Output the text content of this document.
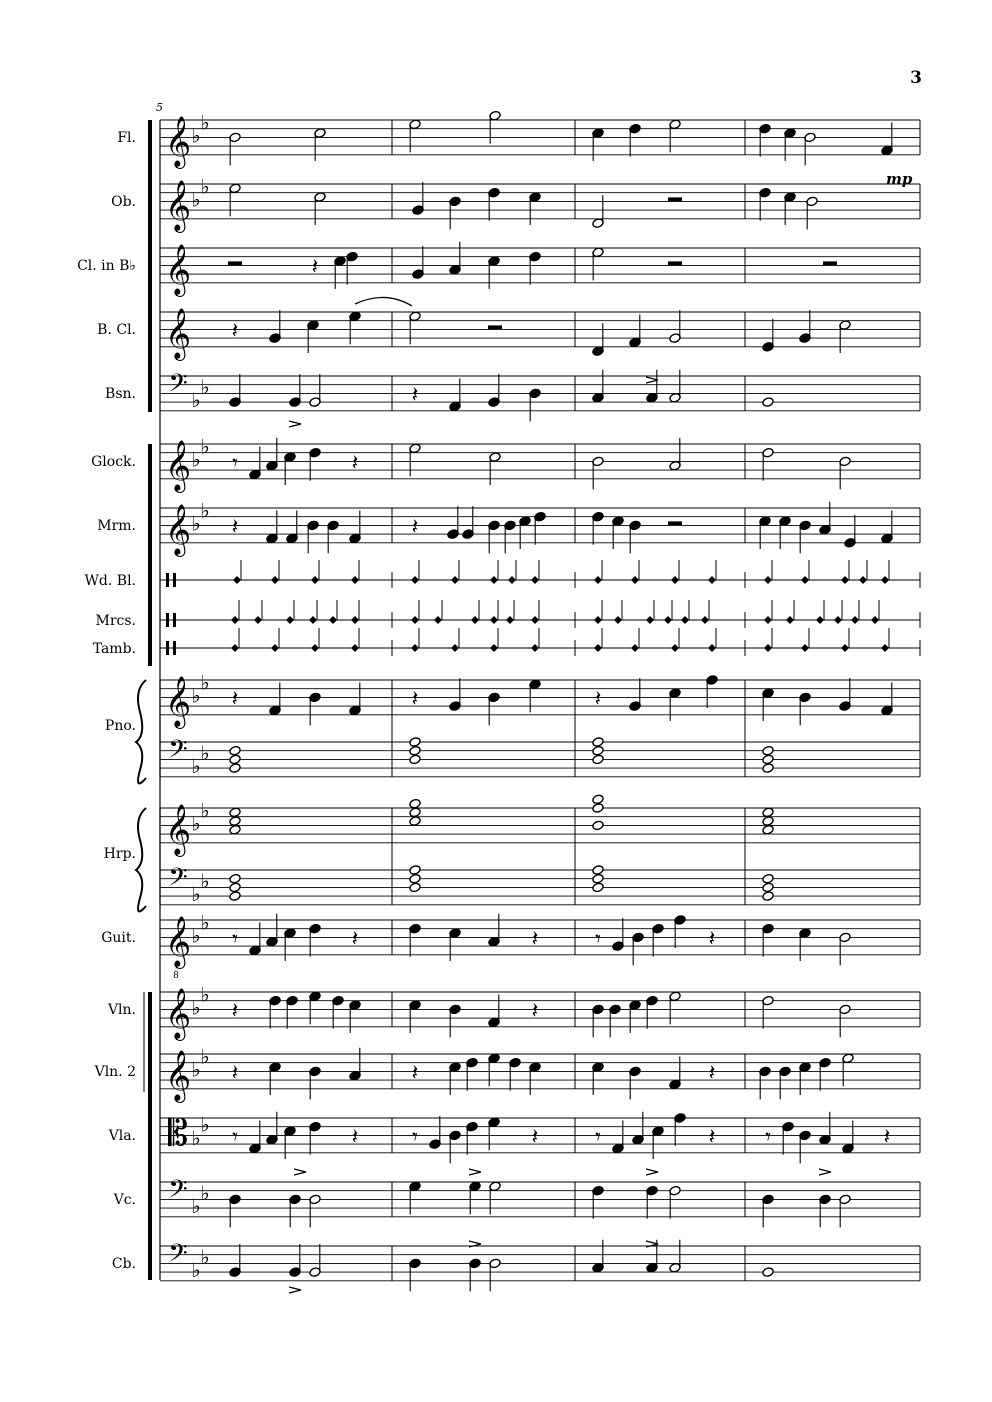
3
𝄞 ♭
♭
𝄞 ♭
♭
𝄞
𝄞
𝄢 ♭
♭
𝄞 ♭
♭
𝄞 ♭
♭
𝄞 ♭
♭
𝄢 ♭
♭
𝄞 ♭
♭
𝄢 ♭
♭
𝄞 ♭
♭
𝄞 ♭
♭
𝄞 ♭
♭
𝄡 ♭
♭
𝄢 ♭
♭
𝄢 ♭
♭
5
Fl.
Ob.
Cl. in B♭
B. Cl.
Bsn.
Glock.
Mrm.
Wd. Bl.
Mrcs.
Tamb.
Pno.
Hrp.
Guit.
Vln.
Vln. 2
Vla.
Vc.
Cb.
8
mp
𝄽
𝄽
𝄽
𝄾	𝄽
𝄽	𝄽
𝄽	𝄽	𝄽
𝄾	𝄽	𝄽	𝄾	𝄽
𝄽	𝄽
𝄽	𝄽	𝄽
𝄾	𝄽 𝄾	𝄽	𝄾	𝄽 𝄾	𝄽
